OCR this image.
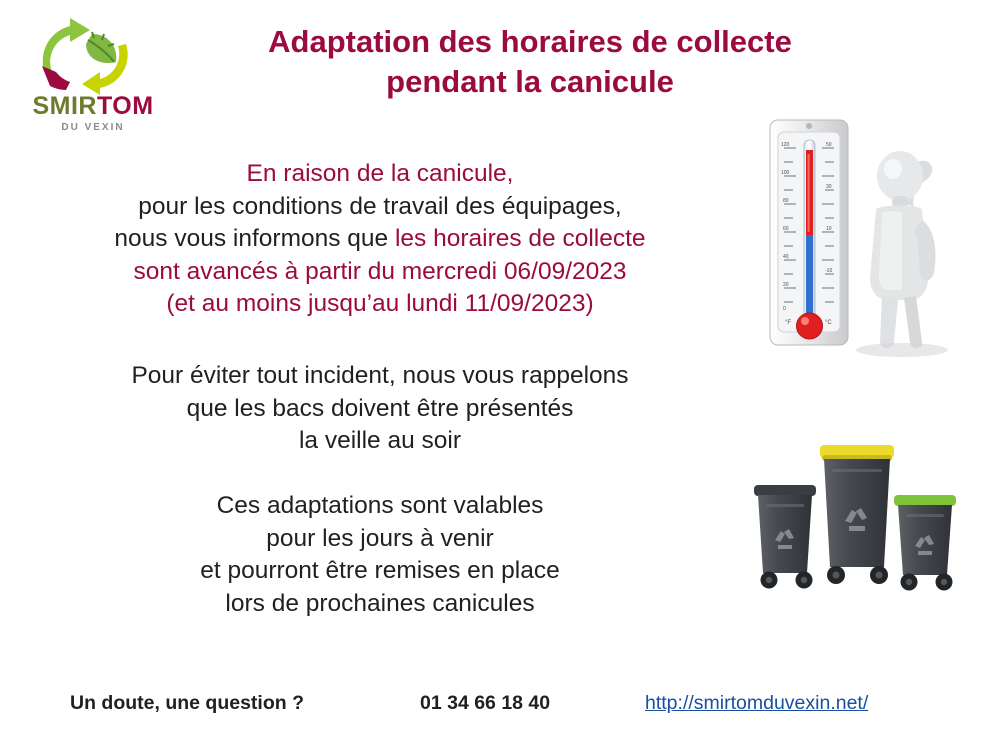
SMIRTOM
DU VEXIN
Adaptation des horaires de collecte
pendant la canicule
En raison de la canicule,
pour les conditions de travail des équipages,
nous vous informons que les horaires de collecte
sont avancés à partir du mercredi 06/09/2023
(et au moins jusqu’au lundi 11/09/2023)
Pour éviter tout incident, nous vous rappelons
que les bacs doivent être présentés
la veille au soir
Ces adaptations sont valables
pour les jours à venir
et pourront être remises en place
lors de prochaines canicules
120
100
80
60
40
20
0
°F
50
30
10
-10
°C
Un doute, une question ?	01 34 66 18 40	http://smirtomduvexin.net/
